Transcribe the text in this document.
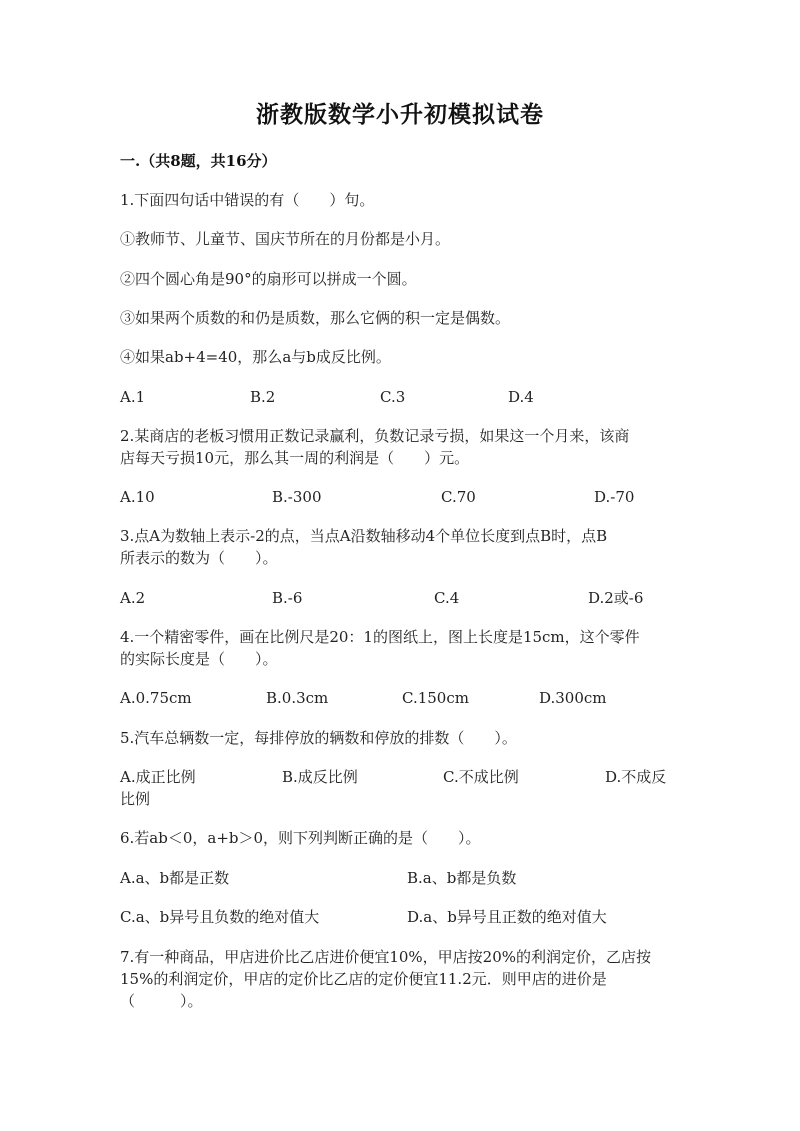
浙教版数学小升初模拟试卷
一.（共8题，共16分）
1.下面四句话中错误的有（　　）句。
①教师节、儿童节、国庆节所在的月份都是小月。
②四个圆心角是90°的扇形可以拼成一个圆。
③如果两个质数的和仍是质数，那么它俩的积一定是偶数。
④如果ab+4=40，那么a与b成反比例。
A.1	B.2	C.3	D.4
2.某商店的老板习惯用正数记录赢利，负数记录亏损，如果这一个月来，该商
店每天亏损10元，那么其一周的利润是（　　）元。
A.10	B.-300	C.70	D.-70
3.点A为数轴上表示-2的点，当点A沿数轴移动4个单位长度到点B时，点B
所表示的数为（　　）。
A.2	B.-6	C.4	D.2或-6
4.一个精密零件，画在比例尺是20：1的图纸上，图上长度是15cm，这个零件
的实际长度是（　　）。
A.0.75cm	B.0.3cm	C.150cm	D.300cm
5.汽车总辆数一定，每排停放的辆数和停放的排数（　　）。
A.成正比例	B.成反比例	C.不成比例	D.不成反
比例
6.若ab＜0，a+b＞0，则下列判断正确的是（　　）。
A.a、b都是正数	B.a、b都是负数
C.a、b异号且负数的绝对值大	D.a、b异号且正数的绝对值大
7.有一种商品，甲店进价比乙店进价便宜10%，甲店按20%的利润定价，乙店按
15%的利润定价，甲店的定价比乙店的定价便宜11.2元．则甲店的进价是
（　　　）。
